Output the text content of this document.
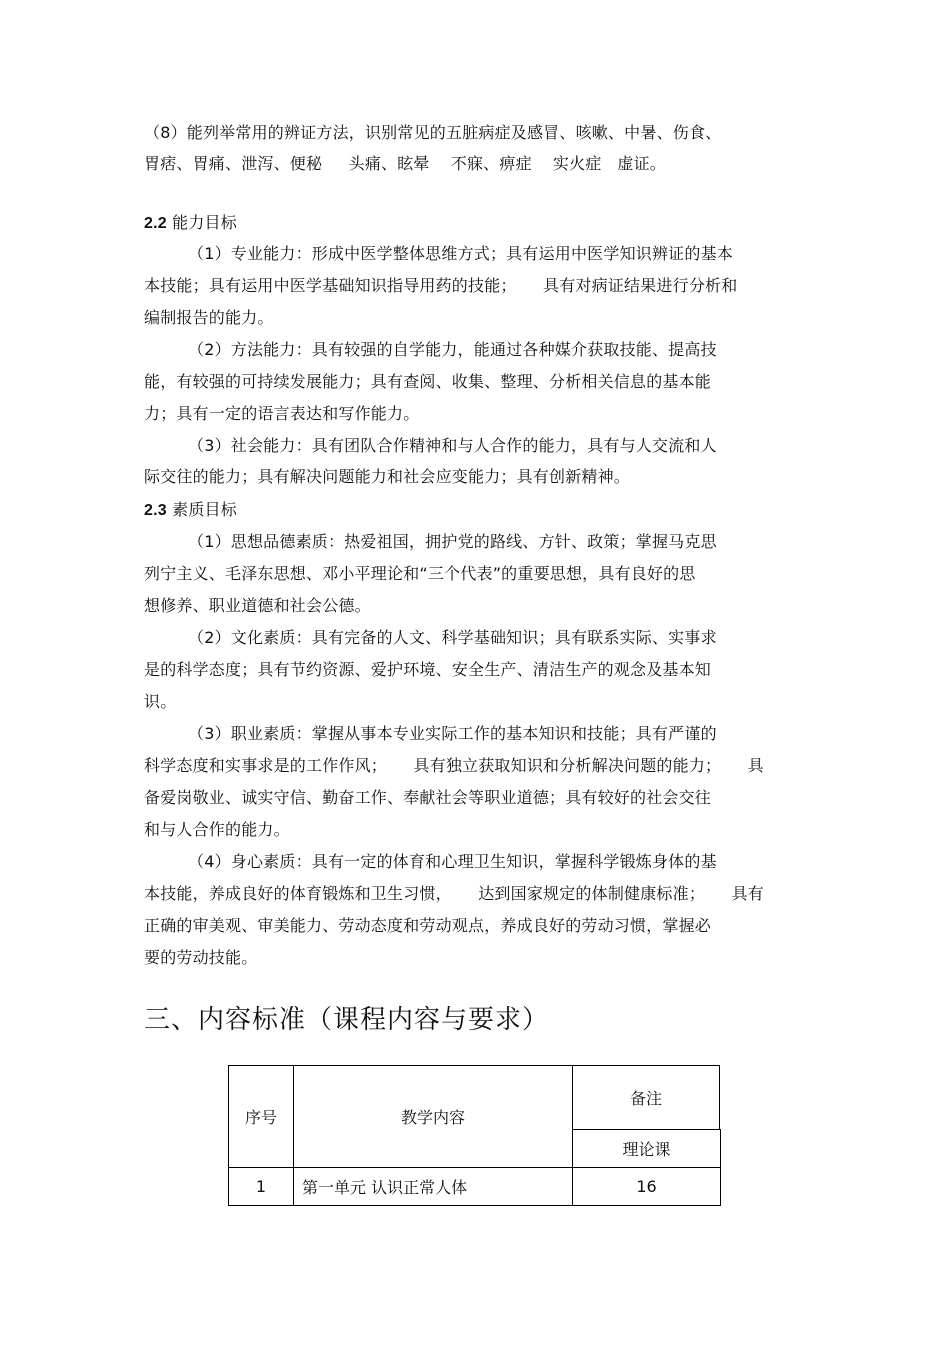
（8）能列举常用的辨证方法，识别常见的五脏病症及感冒、咳嗽、中暑、伤食、
胃痞、胃痛、泄泻、便秘     头痛、眩晕    不寐、痹症    实火症   虚证。
2.2 能力目标
（1）专业能力：形成中医学整体思维方式；具有运用中医学知识辨证的基本
本技能；具有运用中医学基础知识指导用药的技能；     具有对病证结果进行分析和
编制报告的能力。
（2）方法能力：具有较强的自学能力，能通过各种媒介获取技能、提高技
能，有较强的可持续发展能力；具有查阅、收集、整理、分析相关信息的基本能
力；具有一定的语言表达和写作能力。
（3）社会能力：具有团队合作精神和与人合作的能力，具有与人交流和人
际交往的能力；具有解决问题能力和社会应变能力；具有创新精神。
2.3 素质目标
（1）思想品德素质：热爱祖国，拥护党的路线、方针、政策；掌握马克思
列宁主义、毛泽东思想、邓小平理论和“三个代表”的重要思想，具有良好的思
想修养、职业道德和社会公德。
（2）文化素质：具有完备的人文、科学基础知识；具有联系实际、实事求
是的科学态度；具有节约资源、爱护环境、安全生产、清洁生产的观念及基本知
识。
（3）职业素质：掌握从事本专业实际工作的基本知识和技能；具有严谨的
科学态度和实事求是的工作作风；     具有独立获取知识和分析解决问题的能力；     具
备爱岗敬业、诚实守信、勤奋工作、奉献社会等职业道德；具有较好的社会交往
和与人合作的能力。
（4）身心素质：具有一定的体育和心理卫生知识，掌握科学锻炼身体的基
本技能，养成良好的体育锻炼和卫生习惯，     达到国家规定的体制健康标准；     具有
正确的审美观、审美能力、劳动态度和劳动观点，养成良好的劳动习惯，掌握必
要的劳动技能。
三、内容标准（课程内容与要求）
序号	教学内容
备注
理论课
1	第一单元 认识正常人体	16
